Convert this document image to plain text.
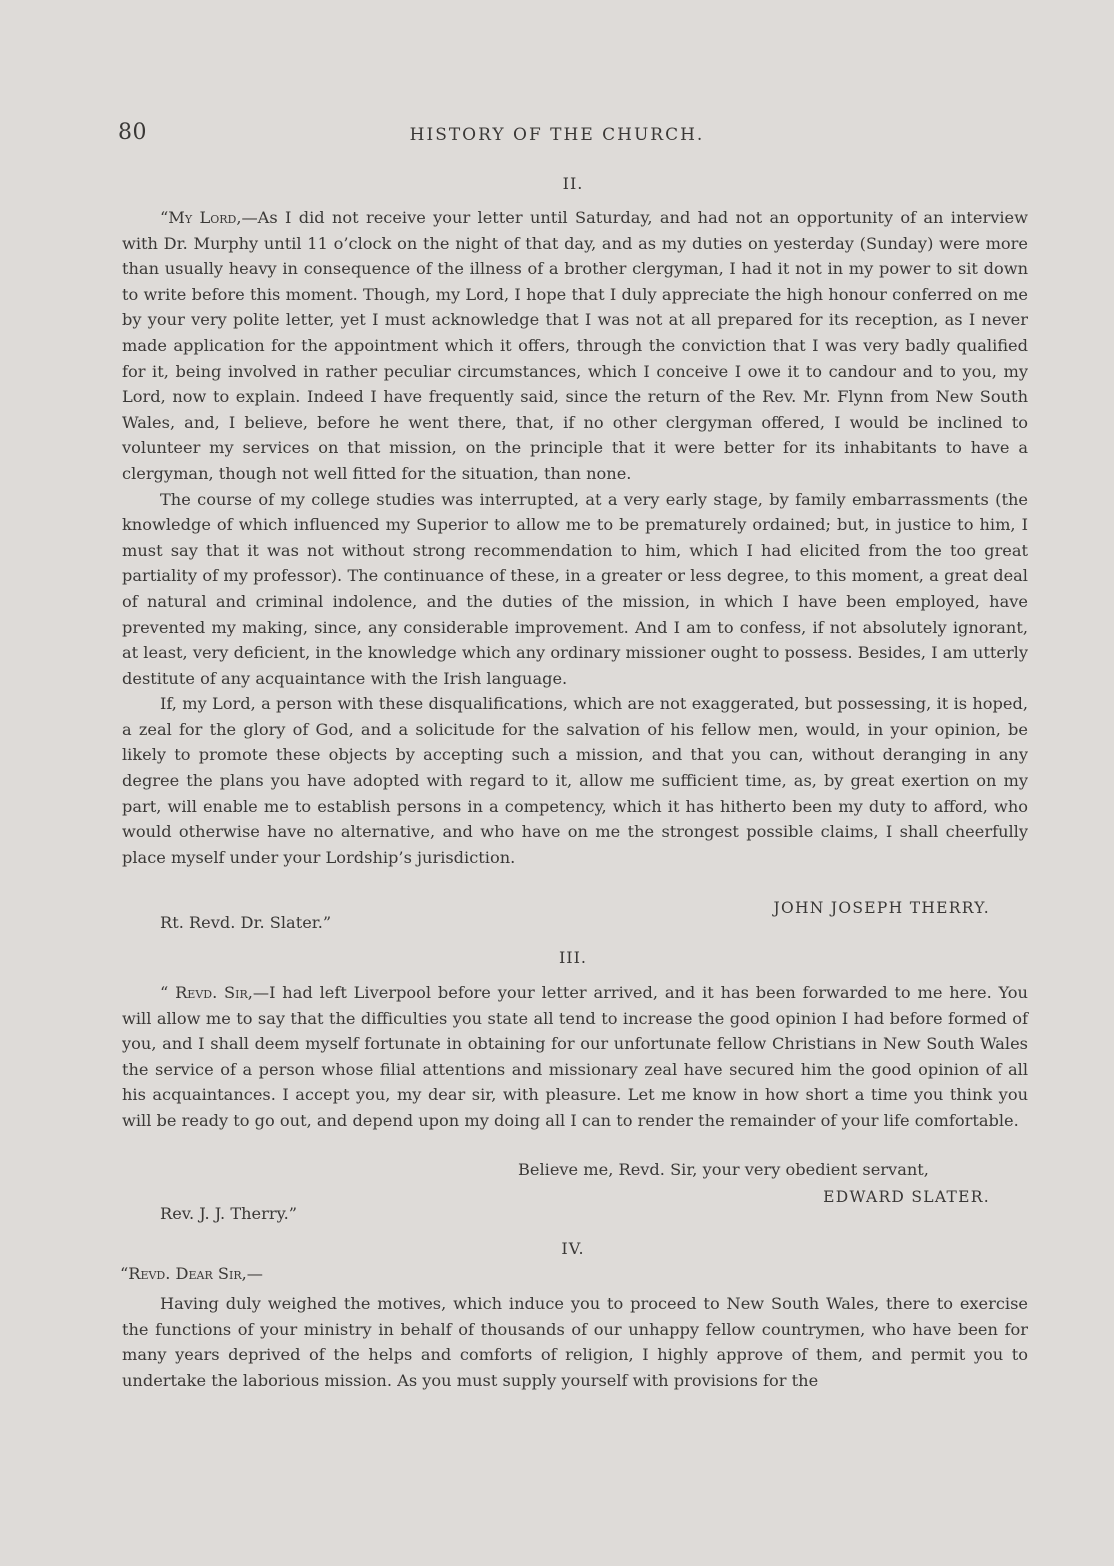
80	HISTORY OF THE CHURCH.
II.

“My Lord,—As I did not receive your letter until Saturday, and had not an opportunity of an interview with Dr. Murphy until 11 o’clock on the night of that day, and as my duties on yesterday (Sunday) were more than usually heavy in consequence of the illness of a brother clergyman, I had it not in my power to sit down to write before this moment. Though, my Lord, I hope that I duly appreciate the high honour conferred on me by your very polite letter, yet I must acknowledge that I was not at all prepared for its reception, as I never made application for the appointment which it offers, through the conviction that I was very badly qualified for it, being involved in rather peculiar circumstances, which I conceive I owe it to candour and to you, my Lord, now to explain. Indeed I have frequently said, since the return of the Rev. Mr. Flynn from New South Wales, and, I believe, before he went there, that, if no other clergyman offered, I would be inclined to volunteer my services on that mission, on the principle that it were better for its inhabitants to have a clergyman, though not well fitted for the situation, than none.

The course of my college studies was interrupted, at a very early stage, by family embarrassments (the knowledge of which influenced my Superior to allow me to be prematurely ordained; but, in justice to him, I must say that it was not without strong recommendation to him, which I had elicited from the too great partiality of my professor). The continuance of these, in a greater or less degree, to this moment, a great deal of natural and criminal indolence, and the duties of the mission, in which I have been employed, have prevented my making, since, any considerable improvement. And I am to confess, if not absolutely ignorant, at least, very deficient, in the knowledge which any ordinary missioner ought to possess. Besides, I am utterly destitute of any acquaintance with the Irish language.

If, my Lord, a person with these disqualifications, which are not exaggerated, but possessing, it is hoped, a zeal for the glory of God, and a solicitude for the salvation of his fellow men, would, in your opinion, be likely to promote these objects by accepting such a mission, and that you can, without deranging in any degree the plans you have adopted with regard to it, allow me sufficient time, as, by great exertion on my part, will enable me to establish persons in a competency, which it has hitherto been my duty to afford, who would otherwise have no alternative, and who have on me the strongest possible claims, I shall cheerfully place myself under your Lordship’s jurisdiction.

JOHN JOSEPH THERRY.
Rt. Revd. Dr. Slater.”
III.

“ Revd. Sir,—I had left Liverpool before your letter arrived, and it has been forwarded to me here. You will allow me to say that the difficulties you state all tend to increase the good opinion I had before formed of you, and I shall deem myself fortunate in obtaining for our unfortunate fellow Christians in New South Wales the service of a person whose filial attentions and missionary zeal have secured him the good opinion of all his acquaintances. I accept you, my dear sir, with pleasure. Let me know in how short a time you think you will be ready to go out, and depend upon my doing all I can to render the remainder of your life comfortable.

Believe me, Revd. Sir, your very obedient servant,
EDWARD SLATER.
Rev. J. J. Therry.”
IV.
“Revd. Dear Sir,—

Having duly weighed the motives, which induce you to proceed to New South Wales, there to exercise the functions of your ministry in behalf of thousands of our unhappy fellow countrymen, who have been for many years deprived of the helps and comforts of religion, I highly approve of them, and permit you to undertake the laborious mission. As you must supply yourself with provisions for the
